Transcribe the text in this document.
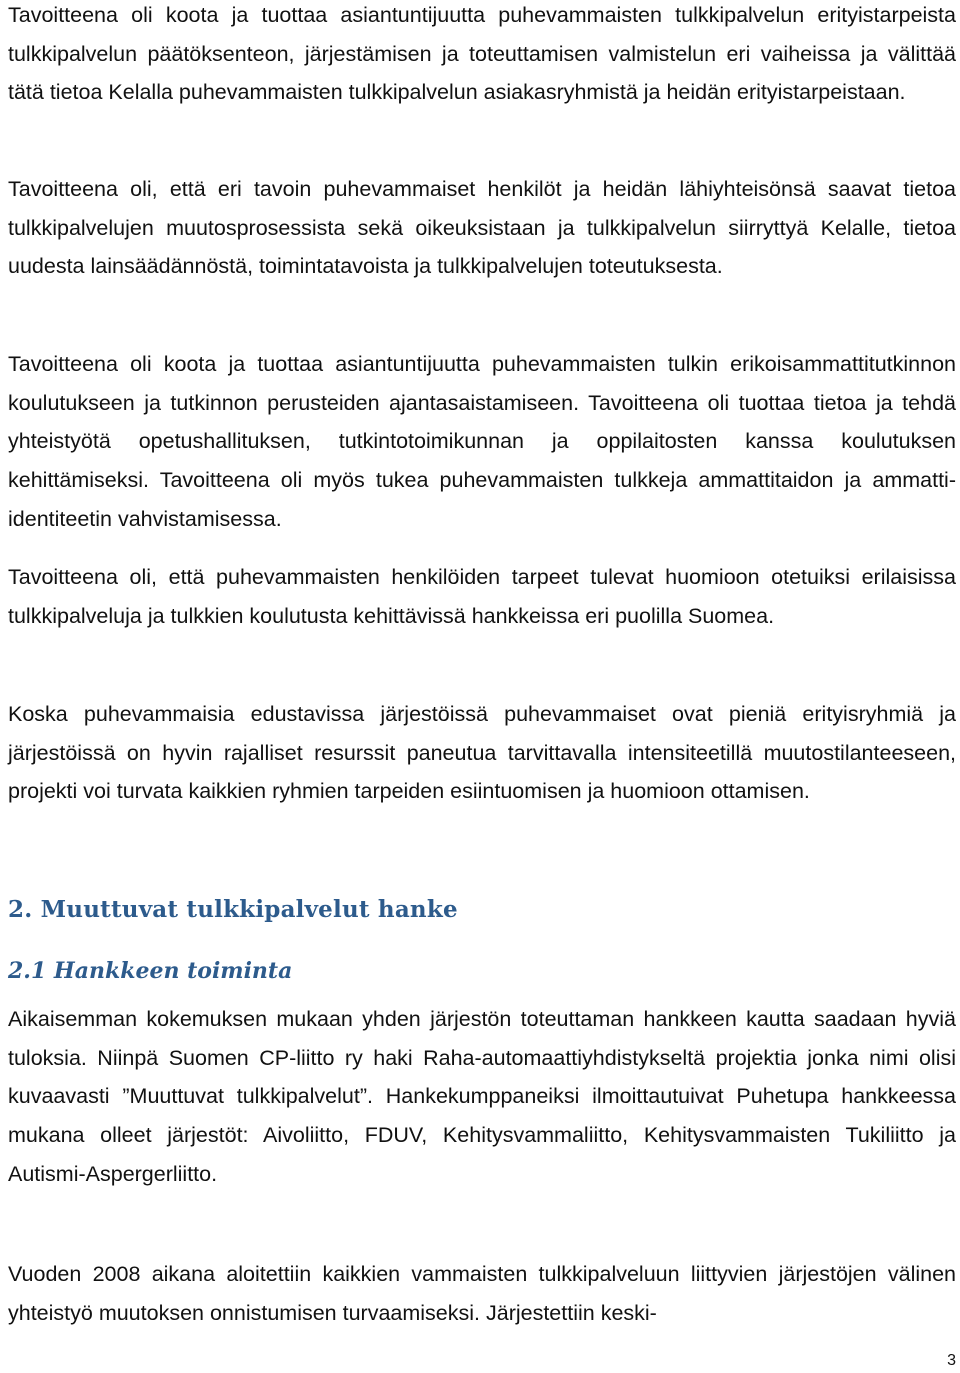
Tavoitteena oli koota ja tuottaa asiantuntijuutta puhevammaisten tulkkipalvelun erityistarpeista tulkkipalvelun päätöksenteon, järjestämisen ja toteuttamisen valmistelun eri vaiheissa ja välittää tätä tietoa Kelalla puhevammaisten tulkkipalvelun asiakasryhmistä ja heidän erityistarpeistaan.

Tavoitteena oli, että eri tavoin puhevammaiset henkilöt ja heidän lähiyhteisönsä saavat tietoa tulkkipalvelujen muutosprosessista sekä oikeuksistaan ja tulkkipalvelun siirryttyä Kelalle, tietoa uudesta lainsäädännöstä, toimintatavoista ja tulkkipalvelujen toteutuksesta.

Tavoitteena oli koota ja tuottaa asiantuntijuutta puhevammaisten tulkin erikoisammattitutkinnon koulutukseen ja tutkinnon perusteiden ajantasaistamiseen. Tavoitteena oli tuottaa tietoa ja tehdä yhteistyötä opetushallituksen, tutkintotoimikunnan ja oppilaitosten kanssa koulutuksen kehittämiseksi. Tavoitteena oli myös tukea puhevammaisten tulkkeja ammattitaidon ja ammatti-identiteetin vahvistamisessa.

Tavoitteena oli, että puhevammaisten henkilöiden tarpeet tulevat huomioon otetuiksi erilaisissa tulkkipalveluja ja tulkkien koulutusta kehittävissä hankkeissa eri puolilla Suomea.

Koska puhevammaisia edustavissa järjestöissä puhevammaiset ovat pieniä erityisryhmiä ja järjestöissä on hyvin rajalliset resurssit paneutua tarvittavalla intensiteetillä muutostilanteeseen, projekti voi turvata kaikkien ryhmien tarpeiden esiintuomisen ja huomioon ottamisen.

2. Muuttuvat tulkkipalvelut hanke
2.1 Hankkeen toiminta

Aikaisemman kokemuksen mukaan yhden järjestön toteuttaman hankkeen kautta saadaan hyviä tuloksia. Niinpä Suomen CP-liitto ry haki Raha-automaattiyhdistykseltä projektia jonka nimi olisi kuvaavasti ”Muuttuvat tulkkipalvelut”. Hankekumppaneiksi ilmoittautuivat Puhetupa hankkeessa mukana olleet järjestöt: Aivoliitto, FDUV, Kehitysvammaliitto, Kehitysvammaisten Tukiliitto ja Autismi-Aspergerliitto.

Vuoden 2008 aikana aloitettiin kaikkien vammaisten tulkkipalveluun liittyvien järjestöjen välinen yhteistyö muutoksen onnistumisen turvaamiseksi. Järjestettiin keski-

3
